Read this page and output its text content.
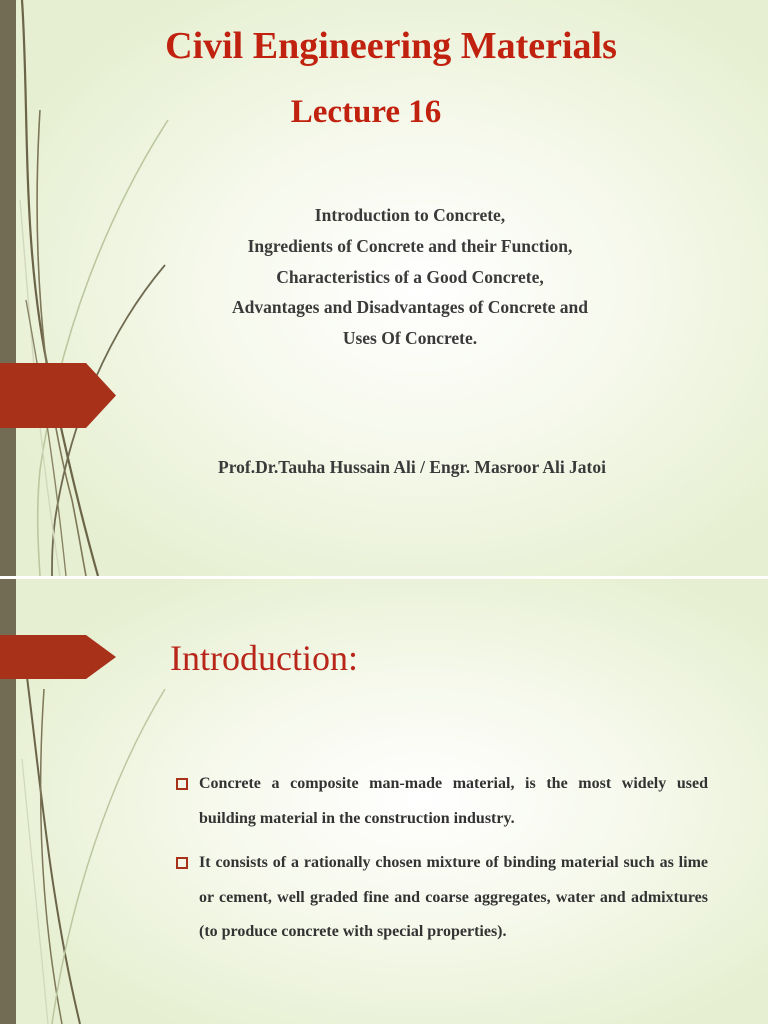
Civil Engineering Materials
Lecture 16
Introduction to Concrete,
Ingredients of Concrete and their Function,
Characteristics of a Good Concrete,
Advantages and Disadvantages of Concrete and
Uses Of Concrete.
Prof.Dr.Tauha Hussain Ali / Engr. Masroor Ali Jatoi
Introduction:
Concrete a composite man-made material, is the most widely used building material in the construction industry.
It consists of a rationally chosen mixture of binding material such as lime or cement, well graded fine and coarse aggregates, water and admixtures (to produce concrete with special properties).
